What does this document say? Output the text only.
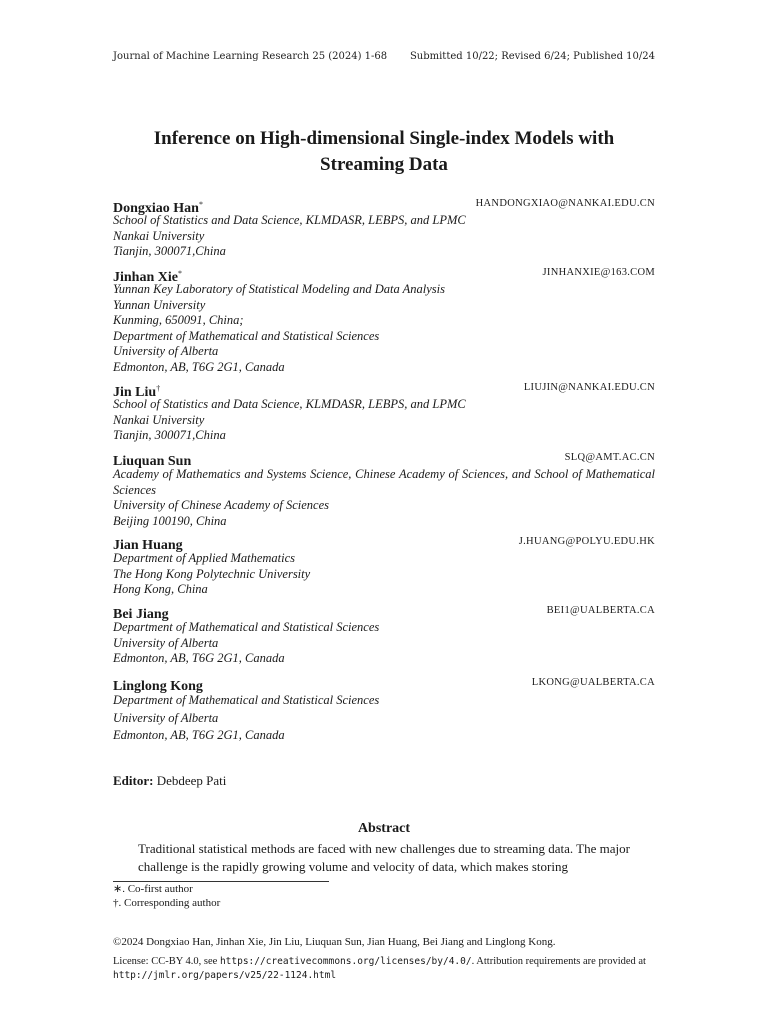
Journal of Machine Learning Research 25 (2024) 1-68 Submitted 10/22; Revised 6/24; Published 10/24
Inference on High-dimensional Single-index Models with Streaming Data
Dongxiao Han*	HANDONGXIAO@NANKAI.EDU.CN
School of Statistics and Data Science, KLMDASR, LEBPS, and LPMC
Nankai University
Tianjin, 300071,China
Jinhan Xie*	JINHANXIE@163.COM
Yunnan Key Laboratory of Statistical Modeling and Data Analysis
Yunnan University
Kunming, 650091, China;
Department of Mathematical and Statistical Sciences
University of Alberta
Edmonton, AB, T6G 2G1, Canada
Jin Liu†	LIUJIN@NANKAI.EDU.CN
School of Statistics and Data Science, KLMDASR, LEBPS, and LPMC
Nankai University
Tianjin, 300071,China
Liuquan Sun	SLQ@AMT.AC.CN
Academy of Mathematics and Systems Science, Chinese Academy of Sciences, and School of Mathematical Sciences
University of Chinese Academy of Sciences
Beijing 100190, China
Jian Huang	J.HUANG@POLYU.EDU.HK
Department of Applied Mathematics
The Hong Kong Polytechnic University
Hong Kong, China
Bei Jiang	BEI1@UALBERTA.CA
Department of Mathematical and Statistical Sciences
University of Alberta
Edmonton, AB, T6G 2G1, Canada
Linglong Kong	LKONG@UALBERTA.CA
Department of Mathematical and Statistical Sciences
University of Alberta
Edmonton, AB, T6G 2G1, Canada
Editor: Debdeep Pati
Abstract
Traditional statistical methods are faced with new challenges due to streaming data. The major challenge is the rapidly growing volume and velocity of data, which makes storing
∗. Co-first author
†. Corresponding author
©2024 Dongxiao Han, Jinhan Xie, Jin Liu, Liuquan Sun, Jian Huang, Bei Jiang and Linglong Kong.
License: CC-BY 4.0, see https://creativecommons.org/licenses/by/4.0/. Attribution requirements are provided at http://jmlr.org/papers/v25/22-1124.html
